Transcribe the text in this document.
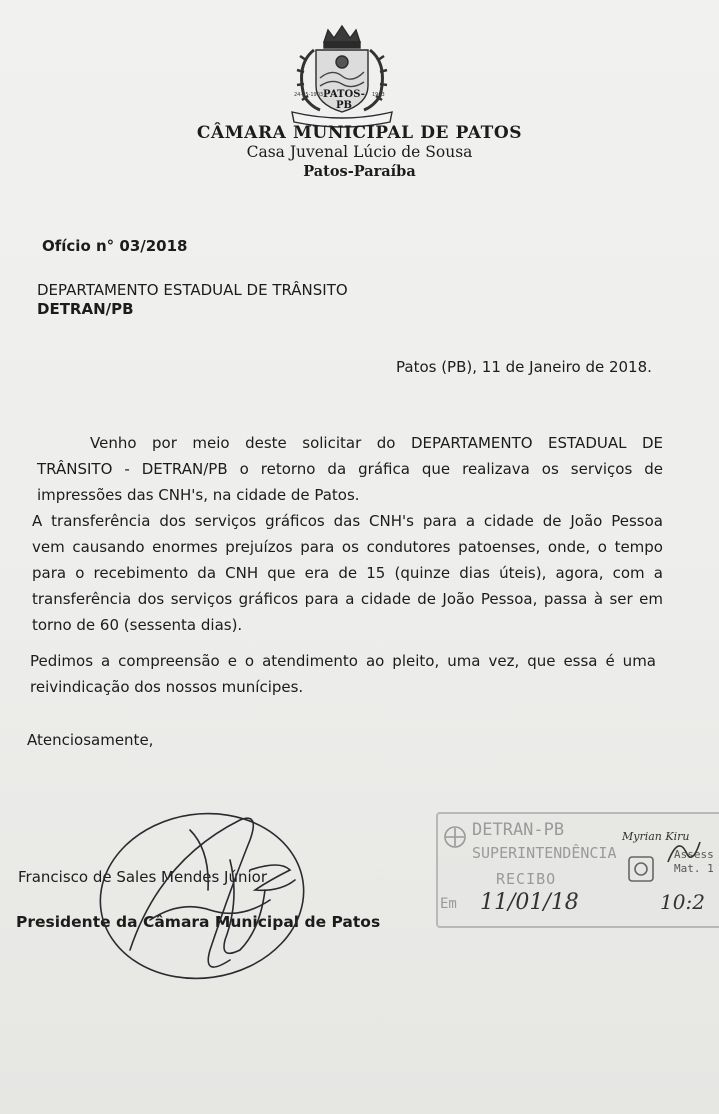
PATOS-PB
24-05-1903	1903
CÂMARA MUNICIPAL DE PATOS
Casa Juvenal Lúcio de Sousa
Patos-Paraíba
Ofício n° 03/2018
DEPARTAMENTO ESTADUAL DE TRÂNSITO
DETRAN/PB
Patos (PB), 11 de Janeiro de 2018.
Venho por meio deste solicitar do DEPARTAMENTO ESTADUAL DE
TRÂNSITO - DETRAN/PB o retorno da gráfica que realizava os serviços de
impressões das CNH's, na cidade de Patos.
A transferência dos serviços gráficos das CNH's para a cidade de João Pessoa
vem causando enormes prejuízos para os condutores patoenses, onde, o tempo
para o recebimento da CNH que era de 15 (quinze dias úteis), agora, com a
transferência dos serviços gráficos para a cidade de João Pessoa, passa à ser em
torno de 60 (sessenta dias).
Pedimos a compreensão e o atendimento ao pleito, uma vez, que essa é uma
reivindicação dos nossos munícipes.
Atenciosamente,
Francisco de Sales Mendes Júnior
Presidente da Câmara Municipal de Patos
DETRAN-PB
SUPERINTENDÊNCIA
RECIBO
Em 11/01/18	10:2
Myrian Kiru
Assess
Mat. 1
